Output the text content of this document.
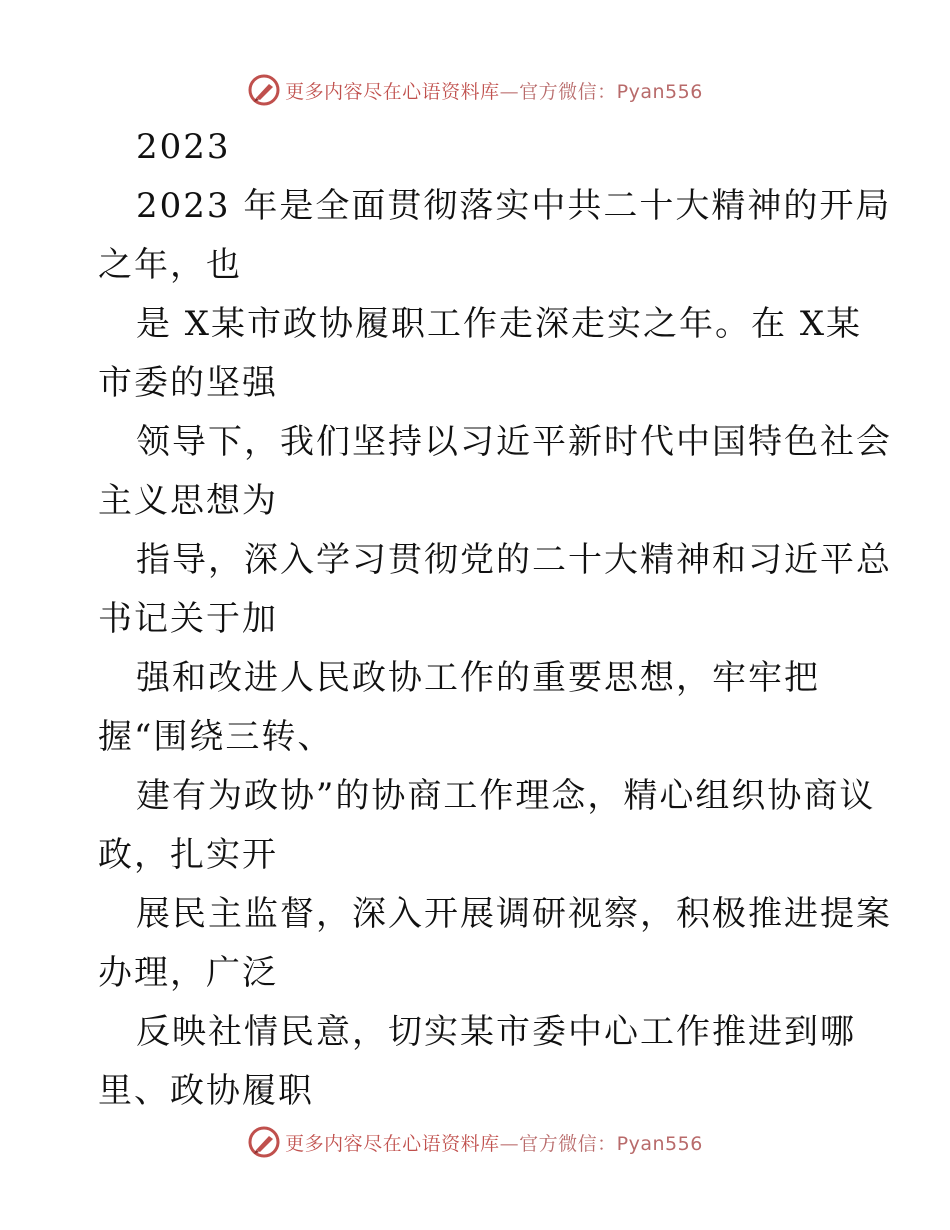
更多内容尽在心语资料库—官方微信：Pyan556
2023
2023 年是全面贯彻落实中共二十大精神的开局
之年，也
是 X某市政协履职工作走深走实之年。在 X某
市委的坚强
领导下，我们坚持以习近平新时代中国特色社会
主义思想为
指导，深入学习贯彻党的二十大精神和习近平总
书记关于加
强和改进人民政协工作的重要思想，牢牢把
握“围绕三转、
建有为政协”的协商工作理念，精心组织协商议
政，扎实开
展民主监督，深入开展调研视察，积极推进提案
办理，广泛
反映社情民意，切实某市委中心工作推进到哪
里、政协履职
更多内容尽在心语资料库—官方微信：Pyan556
